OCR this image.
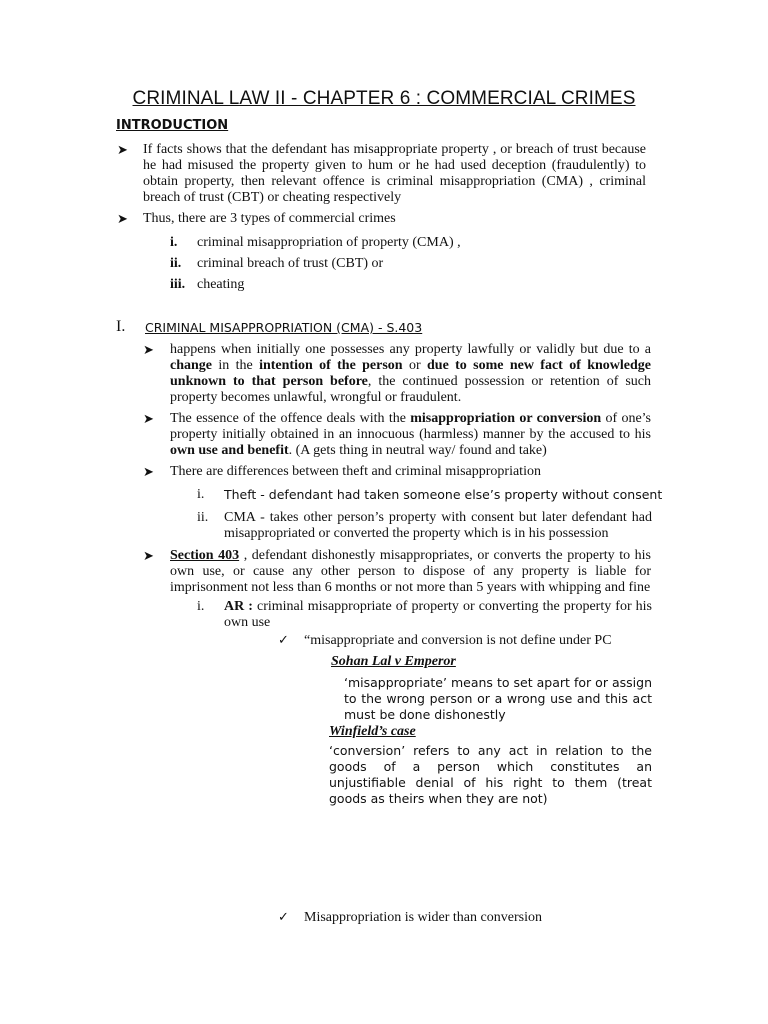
CRIMINAL LAW II - CHAPTER 6 : COMMERCIAL CRIMES
INTRODUCTION
➤ If facts shows that the defendant has misappropriate property , or breach of trust because he had misused the property given to hum or he had used deception (fraudulently) to obtain property, then relevant offence is criminal misappropriation (CMA) , criminal breach of trust (CBT) or cheating respectively
➤ Thus, there are 3 types of commercial crimes
i. criminal misappropriation of property (CMA) ,
ii. criminal breach of trust (CBT) or
iii. cheating
I. CRIMINAL MISAPPROPRIATION (CMA) - S.403
➤ happens when initially one possesses any property lawfully or validly but due to a change in the intention of the person or due to some new fact of knowledge unknown to that person before, the continued possession or retention of such property becomes unlawful, wrongful or fraudulent.
➤ The essence of the offence deals with the misappropriation or conversion of one’s property initially obtained in an innocuous (harmless) manner by the accused to his own use and benefit. (A gets thing in neutral way/ found and take)
➤ There are differences between theft and criminal misappropriation
i. Theft - defendant had taken someone else’s property without consent
ii. CMA - takes other person’s property with consent but later defendant had misappropriated or converted the property which is in his possession
➤ Section 403 , defendant dishonestly misappropriates, or converts the property to his own use, or cause any other person to dispose of any property is liable for imprisonment not less than 6 months or not more than 5 years with whipping and fine
i. AR : criminal misappropriate of property or converting the property for his own use
✓ “misappropriate and conversion is not define under PC
Sohan Lal v Emperor
‘misappropriate’ means to set apart for or assign to the wrong person or a wrong use and this act must be done dishonestly
Winfield’s case
‘conversion’ refers to any act in relation to the goods of a person which constitutes an unjustifiable denial of his right to them (treat goods as theirs when they are not)
✓ Misappropriation is wider than conversion
